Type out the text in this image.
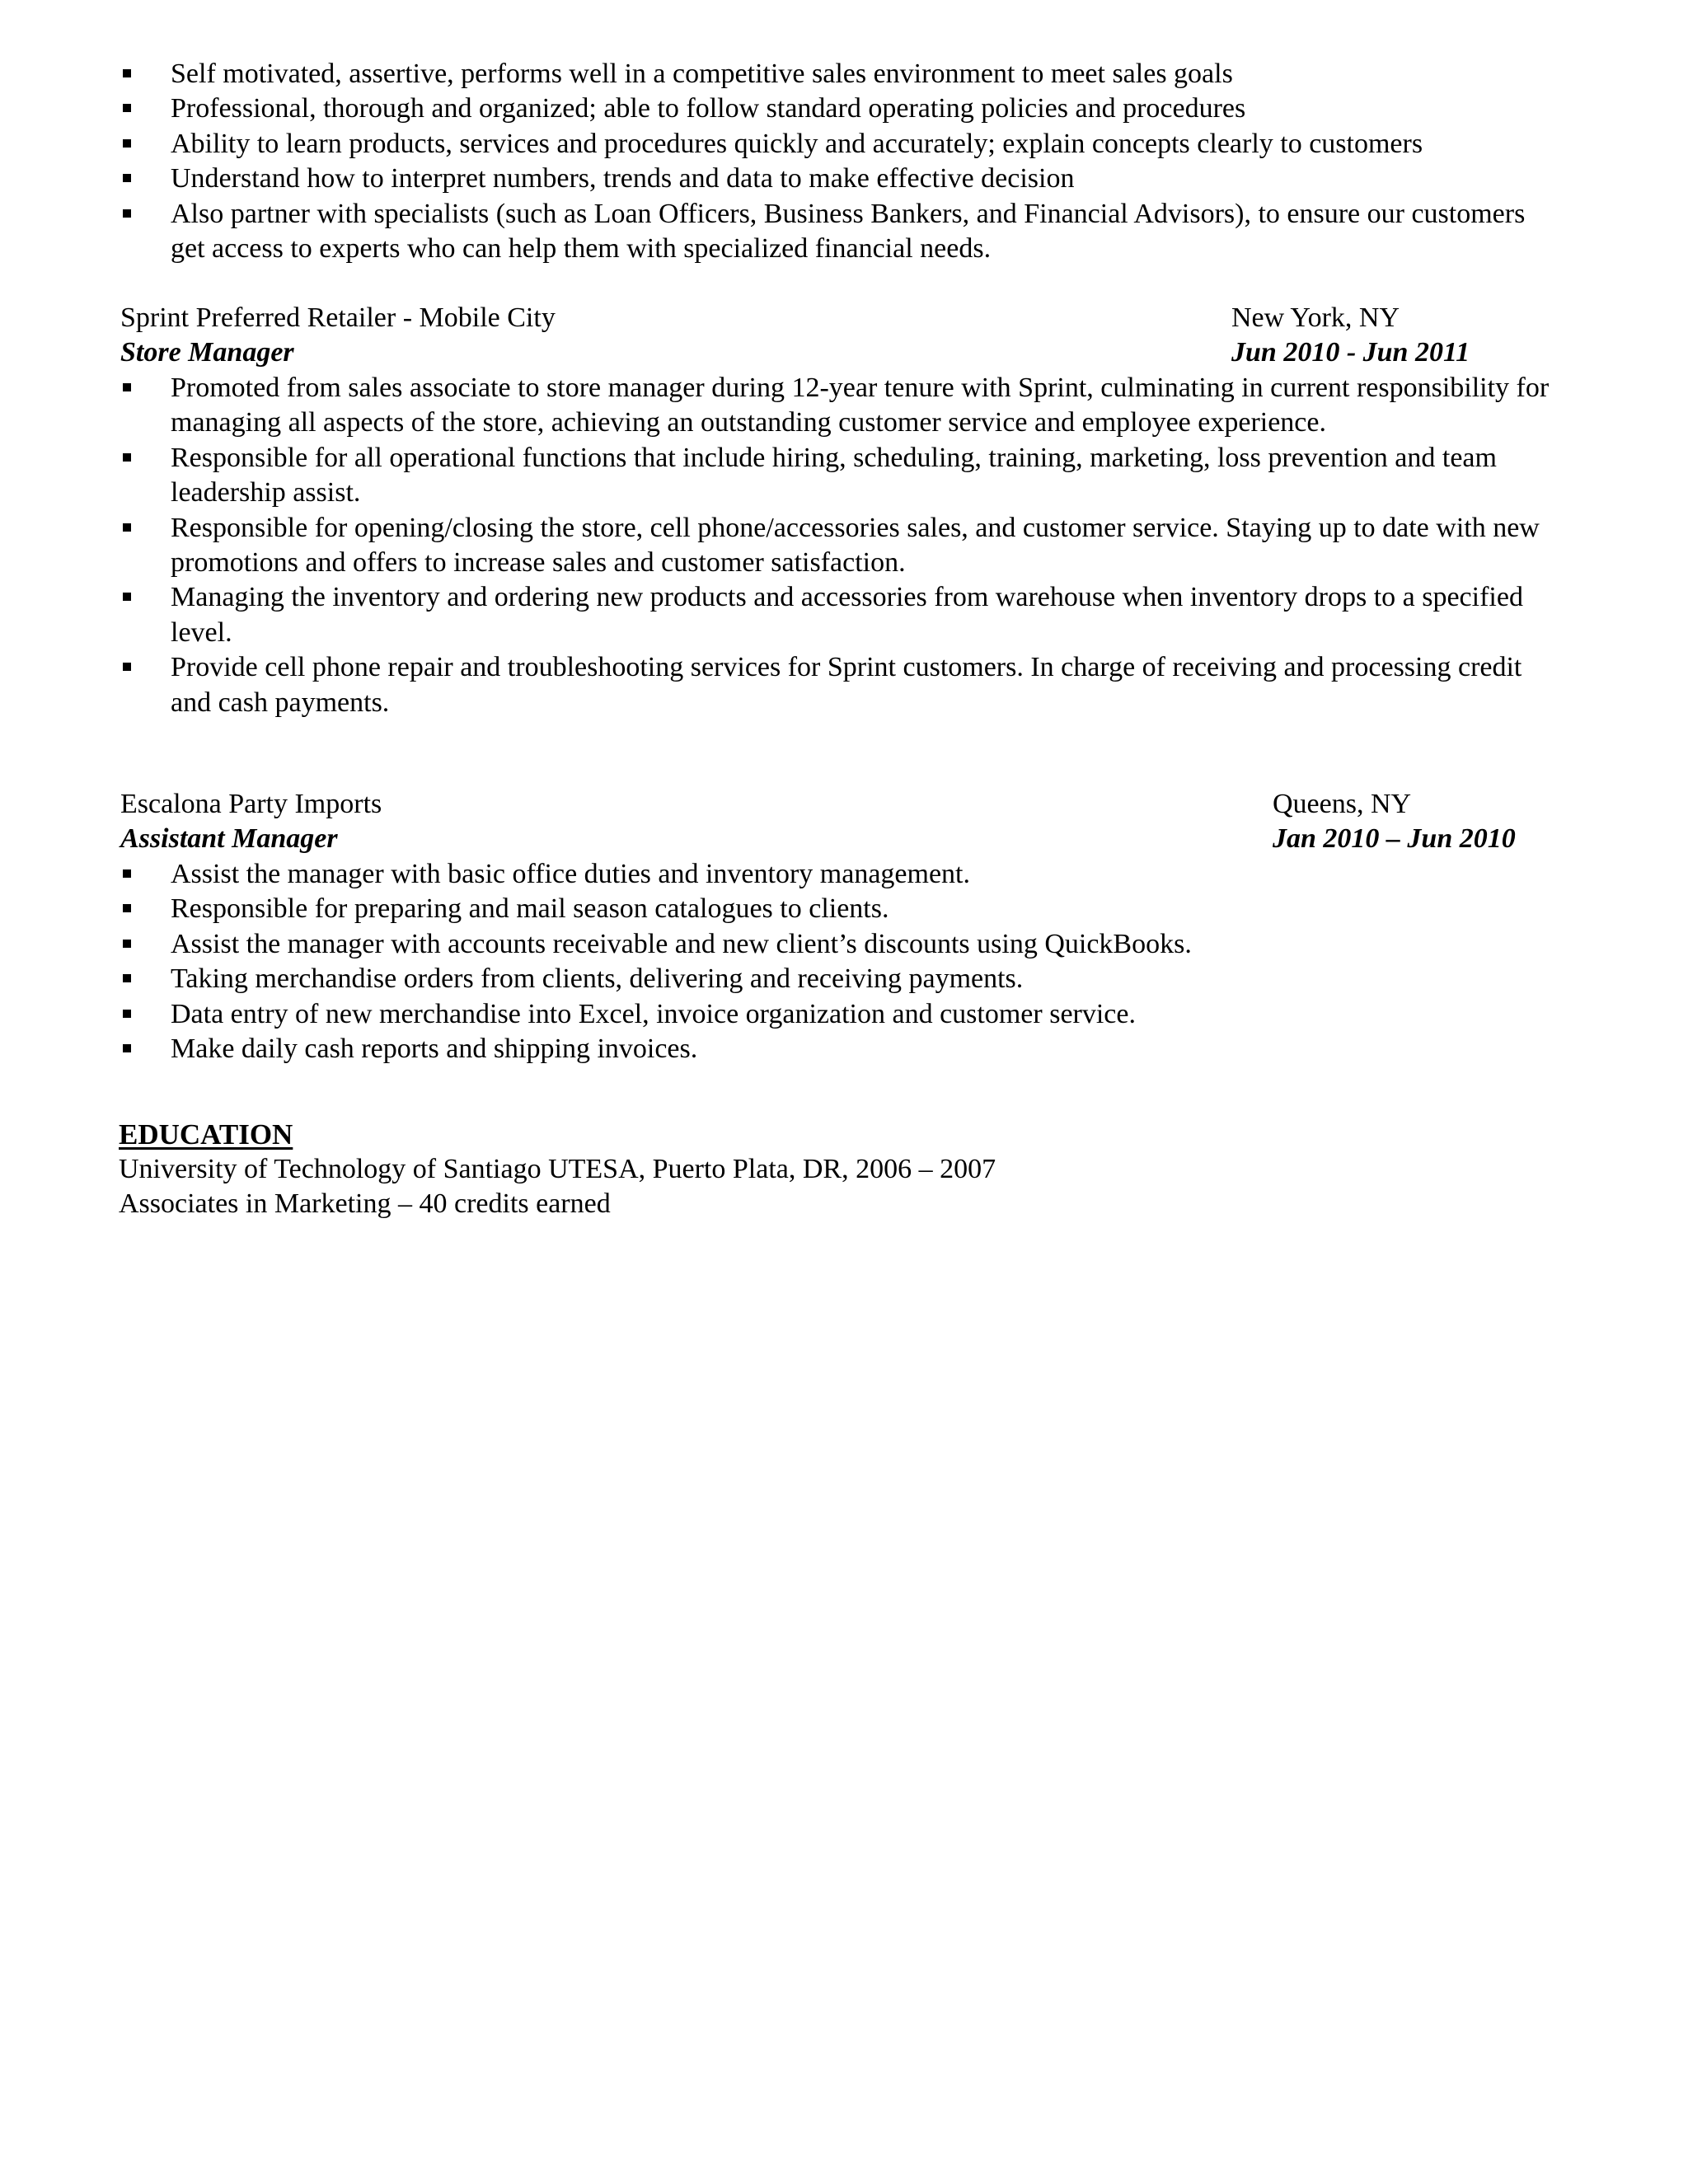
Self motivated, assertive, performs well in a competitive sales environment to meet sales goals
Professional, thorough and organized; able to follow standard operating policies and procedures
Ability to learn products, services and procedures quickly and accurately; explain concepts clearly to customers
Understand how to interpret numbers, trends and data to make effective decision
Also partner with specialists (such as Loan Officers, Business Bankers, and Financial Advisors), to ensure our customers get access to experts who can help them with specialized financial needs.
Sprint Preferred Retailer - Mobile City	New York, NY
Store Manager	Jun 2010 - Jun 2011
Promoted from sales associate to store manager during 12-year tenure with Sprint, culminating in current responsibility for managing all aspects of the store, achieving an outstanding customer service and employee experience.
Responsible for all operational functions that include hiring, scheduling, training, marketing, loss prevention and team leadership assist.
Responsible for opening/closing the store, cell phone/accessories sales, and customer service. Staying up to date with new promotions and offers to increase sales and customer satisfaction.
Managing the inventory and ordering new products and accessories from warehouse when inventory drops to a specified level.
Provide cell phone repair and troubleshooting services for Sprint customers. In charge of receiving and processing credit and cash payments.
Escalona Party Imports	Queens, NY
Assistant Manager	Jan 2010 – Jun 2010
Assist the manager with basic office duties and inventory management.
Responsible for preparing and mail season catalogues to clients.
Assist the manager with accounts receivable and new client’s discounts using QuickBooks.
Taking merchandise orders from clients, delivering and receiving payments.
Data entry of new merchandise into Excel, invoice organization and customer service.
Make daily cash reports and shipping invoices.
EDUCATION
University of Technology of Santiago UTESA, Puerto Plata, DR, 2006 – 2007
Associates in Marketing – 40 credits earned
